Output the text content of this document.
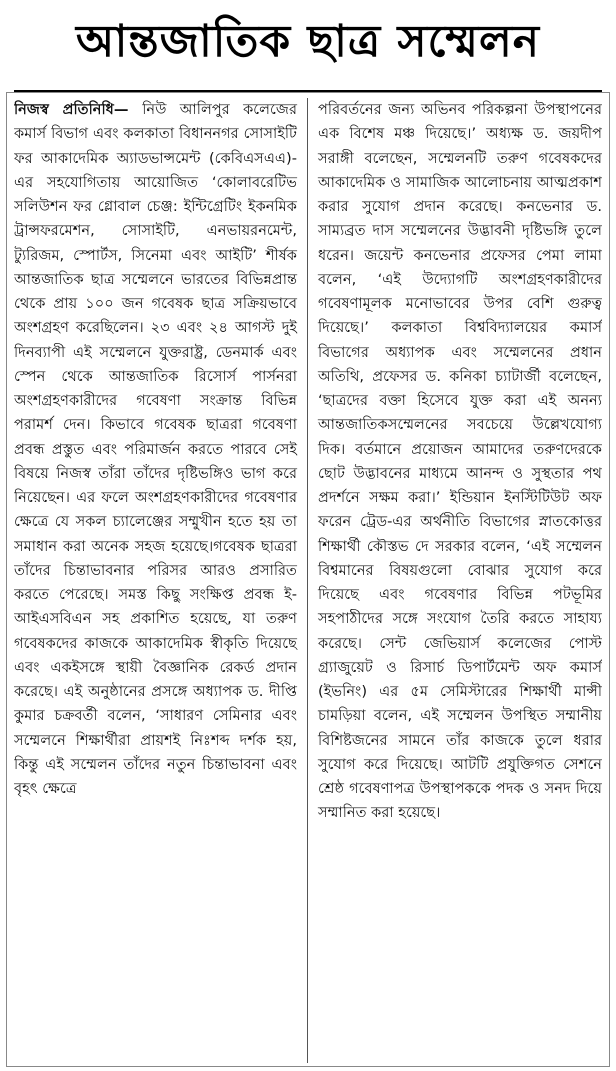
আন্তজাতিক ছাত্র সম্মেলন
নিজস্ব প্রতিনিধি— নিউ আলিপুর কলেজের কমার্স বিভাগ এবং কলকাতা বিধাননগর সোসাইটি ফর আকাদেমিক অ্যাডভান্সমেন্ট (কেবিএসএএ)-এর সহযোগিতায় আয়োজিত ‘কোলাবরেটিভ সলিউশন ফর গ্লোবাল চেঞ্জ: ইন্টিগ্রেটিং ইকনমিক ট্রান্সফরমেশন, সোসাইটি, এনভায়রনমেন্ট, ট্যুরিজম, স্পোর্টস, সিনেমা এবং আইটি’ শীর্ষক আন্তজাতিক ছাত্র সম্মেলনে ভারতের বিভিন্নপ্রান্ত থেকে প্রায় ১০০ জন গবেষক ছাত্র সক্রিয়ভাবে অংশগ্রহণ করেছিলেন। ২৩ এবং ২৪ আগস্ট দুই দিনব্যাপী এই সম্মেলনে যুক্তরাষ্ট্র, ডেনমার্ক এবং স্পেন থেকে আন্তজাতিক রিসোর্স পার্সনরা অংশগ্রহণকারীদের গবেষণা সংক্রান্ত বিভিন্ন পরামর্শ দেন। কিভাবে গবেষক ছাত্ররা গবেষণা প্রবন্ধ প্রস্তুত এবং পরিমার্জন করতে পারবে সেই বিষয়ে নিজস্ব তাঁরা তাঁদের দৃষ্টিভঙ্গিও ভাগ করে নিয়েছেন। এর ফলে অংশগ্রহণকারীদের গবেষণার ক্ষেত্রে যে সকল চ্যালেঞ্জের সম্মুখীন হতে হয় তা সমাধান করা অনেক সহজ হয়েছে।গবেষক ছাত্ররা তাঁদের চিন্তাভাবনার পরিসর আরও প্রসারিত করতে পেরেছে। সমস্ত কিছু সংক্ষিপ্ত প্রবন্ধ ই-আইএসবিএন সহ প্রকাশিত হয়েছে, যা তরুণ গবেষকদের কাজকে আকাদেমিক স্বীকৃতি দিয়েছে এবং একইসঙ্গে স্থায়ী বৈজ্ঞানিক রেকর্ড প্রদান করেছে। এই অনুষ্ঠানের প্রসঙ্গে অধ্যাপক ড. দীপ্তি কুমার চক্রবর্তী বলেন, ‘সাধারণ সেমিনার এবং সম্মেলনে শিক্ষার্থীরা প্রায়শই নিঃশব্দ দর্শক হয়, কিন্তু এই সম্মেলন তাঁদের নতুন চিন্তাভাবনা এবং বৃহৎ ক্ষেত্রে
পরিবর্তনের জন্য অভিনব পরিকল্পনা উপস্থাপনের এক বিশেষ মঞ্চ দিয়েছে।’ অধ্যক্ষ ড. জয়দীপ সরাঙ্গী বলেছেন, সম্মেলনটি তরুণ গবেষকদের আকাদেমিক ও সামাজিক আলোচনায় আত্মপ্রকাশ করার সুযোগ প্রদান করেছে। কনভেনার ড. সাম্যব্রত দাস সম্মেলনের উদ্ভাবনী দৃষ্টিভঙ্গি তুলে ধরেন। জয়েন্ট কনভেনার প্রফেসর পেমা লামা বলেন, ‘এই উদ্যোগটি অংশগ্রহণকারীদের গবেষণামূলক মনোভাবের উপর বেশি গুরুত্ব দিয়েছে।’ কলকাতা বিশ্ববিদ্যালয়ের কমার্স বিভাগের অধ্যাপক এবং সম্মেলনের প্রধান অতিথি, প্রফেসর ড. কনিকা চ্যাটার্জী বলেছেন, ‘ছাত্রদের বক্তা হিসেবে যুক্ত করা এই অনন্য আন্তজাতিকসম্মেলনের সবচেয়ে উল্লেখযোগ্য দিক। বর্তমানে প্রয়োজন আমাদের তরুণদেরকে ছোট উদ্ভাবনের মাধ্যমে আনন্দ ও সুস্থতার পথ প্রদর্শনে সক্ষম করা।’ ইন্ডিয়ান ইনস্টিটিউট অফ ফরেন ট্রেড-এর অর্থনীতি বিভাগের স্নাতকোত্তর শিক্ষার্থী কৌস্তভ দে সরকার বলেন, ‘এই সম্মেলন বিশ্বমানের বিষয়গুলো বোঝার সুযোগ করে দিয়েছে এবং গবেষণার বিভিন্ন পটভূমির সহপাঠীদের সঙ্গে সংযোগ তৈরি করতে সাহায্য করেছে। সেন্ট জেভিয়ার্স কলেজের পোস্ট গ্র্যাজুয়েট ও রিসার্চ ডিপার্টমেন্ট অফ কমার্স (ইভনিং) এর ৫ম সেমিস্টারের শিক্ষার্থী মান্সী চামড়িয়া বলেন, এই সম্মেলন উপস্থিত সম্মানীয় বিশিষ্টজনের সামনে তাঁর কাজকে তুলে ধরার সুযোগ করে দিয়েছে। আটটি প্রযুক্তিগত সেশনে শ্রেষ্ঠ গবেষণাপত্র উপস্থাপককে পদক ও সনদ দিয়ে সম্মানিত করা হয়েছে।
